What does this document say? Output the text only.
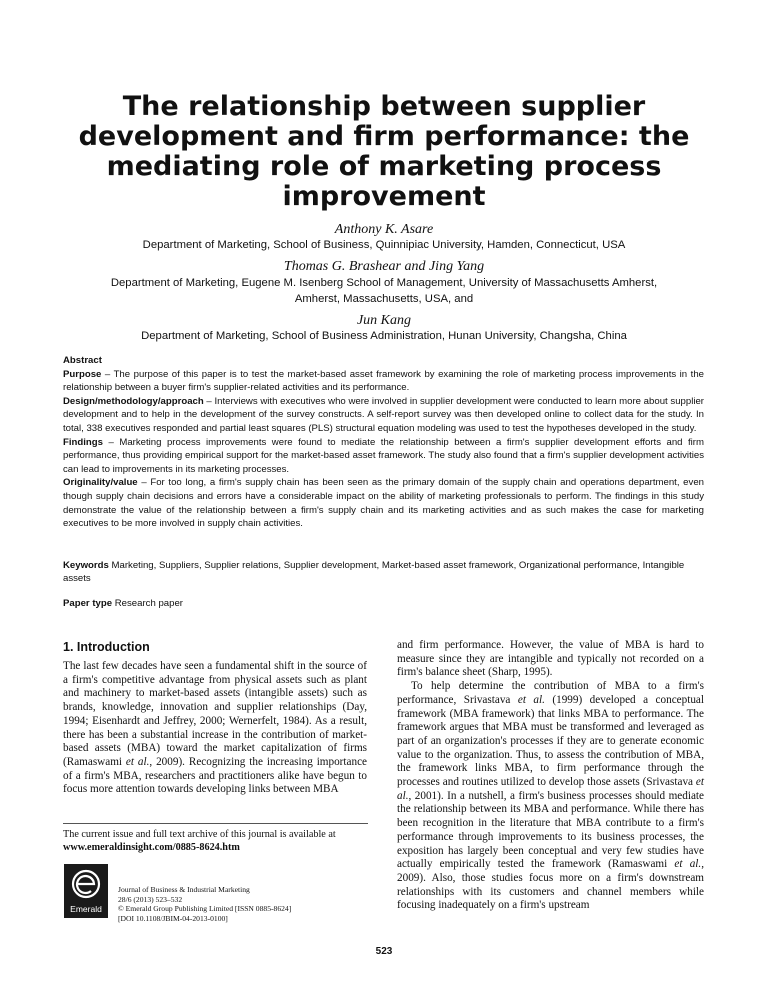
The relationship between supplier development and firm performance: the mediating role of marketing process improvement
Anthony K. Asare
Department of Marketing, School of Business, Quinnipiac University, Hamden, Connecticut, USA
Thomas G. Brashear and Jing Yang
Department of Marketing, Eugene M. Isenberg School of Management, University of Massachusetts Amherst, Amherst, Massachusetts, USA, and
Jun Kang
Department of Marketing, School of Business Administration, Hunan University, Changsha, China

Abstract

Purpose – The purpose of this paper is to test the market-based asset framework by examining the role of marketing process improvements in the relationship between a buyer firm's supplier-related activities and its performance.

Design/methodology/approach – Interviews with executives who were involved in supplier development were conducted to learn more about supplier development and to help in the development of the survey constructs. A self-report survey was then developed online to collect data for the study. In total, 338 executives responded and partial least squares (PLS) structural equation modeling was used to test the hypotheses developed in the study.

Findings – Marketing process improvements were found to mediate the relationship between a firm's supplier development efforts and firm performance, thus providing empirical support for the market-based asset framework. The study also found that a firm's supplier development activities can lead to improvements in its marketing processes.

Originality/value – For too long, a firm's supply chain has been seen as the primary domain of the supply chain and operations department, even though supply chain decisions and errors have a considerable impact on the ability of marketing professionals to perform. The findings in this study demonstrate the value of the relationship between a firm's supply chain and its marketing activities and as such makes the case for marketing executives to be more involved in supply chain activities.

Keywords Marketing, Suppliers, Supplier relations, Supplier development, Market-based asset framework, Organizational performance, Intangible assets
Paper type Research paper
1. Introduction

The last few decades have seen a fundamental shift in the source of a firm's competitive advantage from physical assets such as plant and machinery to market-based assets (intangible assets) such as brands, knowledge, innovation and supplier relationships (Day, 1994; Eisenhardt and Jeffrey, 2000; Wernerfelt, 1984). As a result, there has been a substantial increase in the contribution of market-based assets (MBA) toward the market capitalization of firms (Ramaswami et al., 2009). Recognizing the increasing importance of a firm's MBA, researchers and practitioners alike have begun to focus more attention towards developing links between MBA

The current issue and full text archive of this journal is available at
www.emeraldinsight.com/0885-8624.htm
Emerald
Journal of Business & Industrial Marketing
28/6 (2013) 523–532
© Emerald Group Publishing Limited [ISSN 0885-8624]
[DOI 10.1108/JBIM-04-2013-0100]

and firm performance. However, the value of MBA is hard to measure since they are intangible and typically not recorded on a firm's balance sheet (Sharp, 1995).

To help determine the contribution of MBA to a firm's performance, Srivastava et al. (1999) developed a conceptual framework (MBA framework) that links MBA to performance. The framework argues that MBA must be transformed and leveraged as part of an organization's processes if they are to generate economic value to the organization. Thus, to assess the contribution of MBA, the framework links MBA, to firm performance through the processes and routines utilized to develop those assets (Srivastava et al., 2001). In a nutshell, a firm's business processes should mediate the relationship between its MBA and performance. While there has been recognition in the literature that MBA contribute to a firm's performance through improvements to its business processes, the exposition has largely been conceptual and very few studies have actually empirically tested the framework (Ramaswami et al., 2009). Also, those studies focus more on a firm's downstream relationships with its customers and channel members while focusing inadequately on a firm's upstream

523
